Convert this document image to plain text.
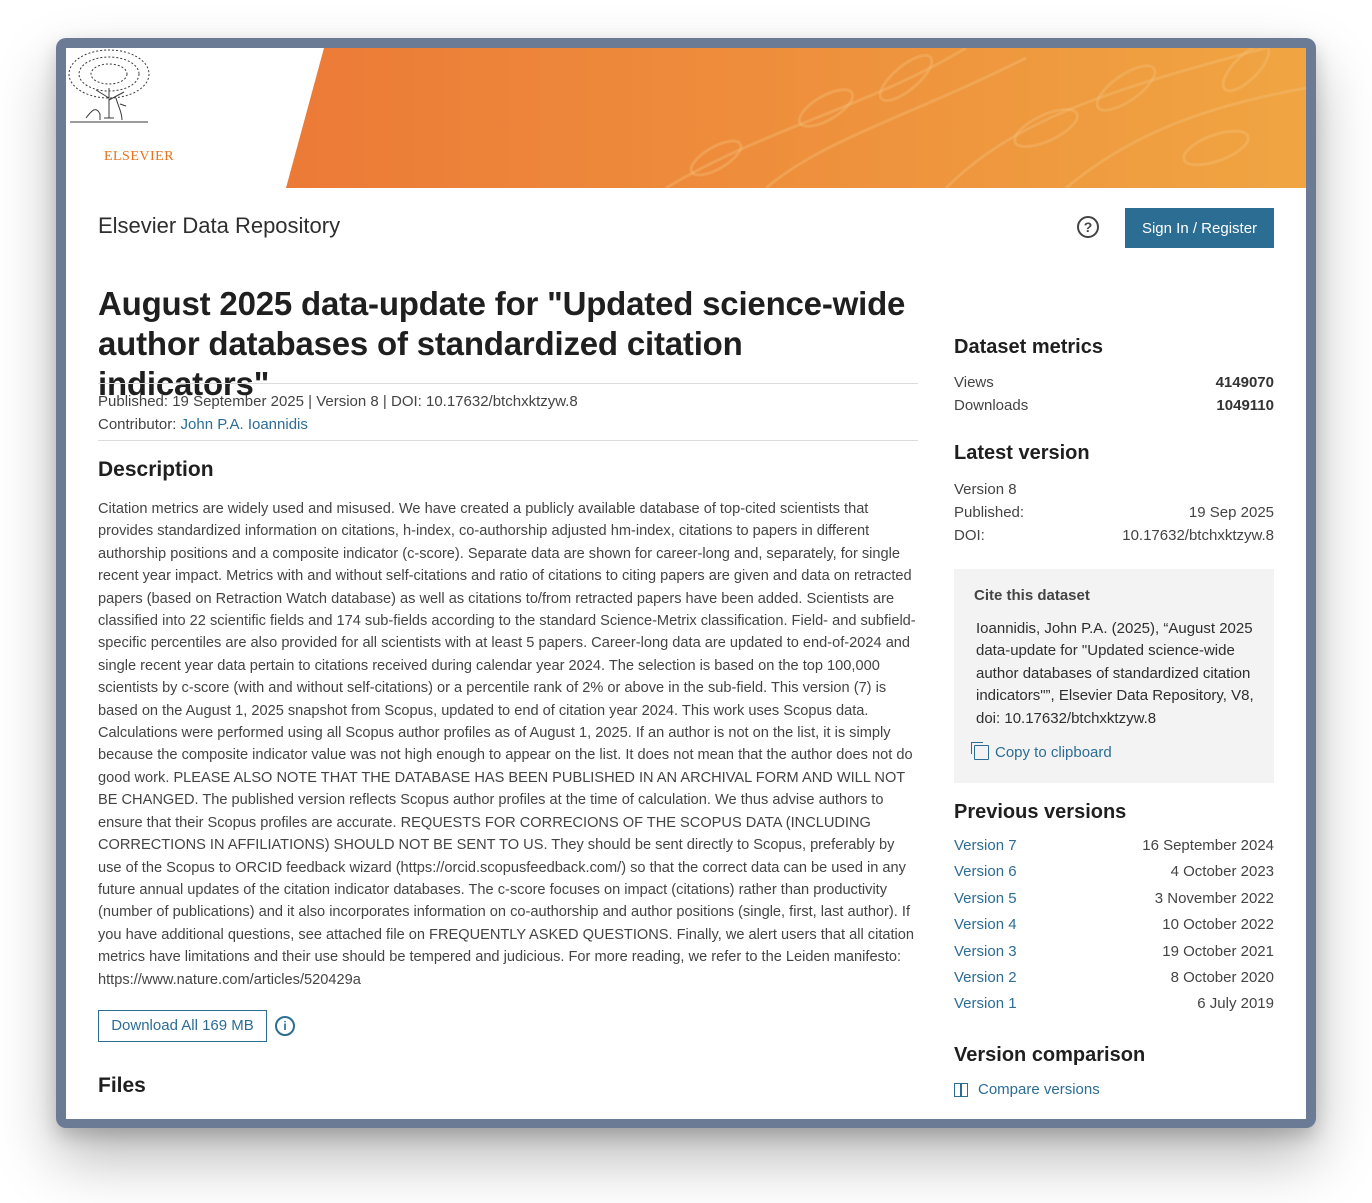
ELSEVIER
Elsevier Data Repository	?	Sign In / Register
August 2025 data-update for "Updated science-wide author databases of standardized citation indicators"
Published: 19 September 2025 | Version 8 | DOI: 10.17632/btchxktzyw.8
Contributor: John P.A. Ioannidis
Description

Citation metrics are widely used and misused. We have created a publicly available database of top-cited scientists that provides standardized information on citations, h-index, co-authorship adjusted hm-index, citations to papers in different authorship positions and a composite indicator (c-score). Separate data are shown for career-long and, separately, for single recent year impact. Metrics with and without self-citations and ratio of citations to citing papers are given and data on retracted papers (based on Retraction Watch database) as well as citations to/from retracted papers have been added. Scientists are classified into 22 scientific fields and 174 sub-fields according to the standard Science-Metrix classification. Field- and subfield-specific percentiles are also provided for all scientists with at least 5 papers. Career-long data are updated to end-of-2024 and single recent year data pertain to citations received during calendar year 2024. The selection is based on the top 100,000 scientists by c-score (with and without self-citations) or a percentile rank of 2% or above in the sub-field. This version (7) is based on the August 1, 2025 snapshot from Scopus, updated to end of citation year 2024. This work uses Scopus data. Calculations were performed using all Scopus author profiles as of August 1, 2025. If an author is not on the list, it is simply because the composite indicator value was not high enough to appear on the list. It does not mean that the author does not do good work. PLEASE ALSO NOTE THAT THE DATABASE HAS BEEN PUBLISHED IN AN ARCHIVAL FORM AND WILL NOT BE CHANGED. The published version reflects Scopus author profiles at the time of calculation. We thus advise authors to ensure that their Scopus profiles are accurate. REQUESTS FOR CORRECIONS OF THE SCOPUS DATA (INCLUDING CORRECTIONS IN AFFILIATIONS) SHOULD NOT BE SENT TO US. They should be sent directly to Scopus, preferably by use of the Scopus to ORCID feedback wizard (https://orcid.scopusfeedback.com/) so that the correct data can be used in any future annual updates of the citation indicator databases. The c-score focuses on impact (citations) rather than productivity (number of publications) and it also incorporates information on co-authorship and author positions (single, first, last author). If you have additional questions, see attached file on FREQUENTLY ASKED QUESTIONS. Finally, we alert users that all citation metrics have limitations and their use should be tempered and judicious. For more reading, we refer to the Leiden manifesto: https://www.nature.com/articles/520429a

Download All 169 MB	i
Files
Dataset metrics
Views	4149070
Downloads	1049110
Latest version
Version 8
Published:	19 Sep 2025
DOI:	10.17632/btchxktzyw.8
Cite this dataset
Ioannidis, John P.A. (2025), “August 2025 data-update for "Updated science-wide author databases of standardized citation indicators"”, Elsevier Data Repository, V8, doi: 10.17632/btchxktzyw.8
Copy to clipboard
Previous versions
Version 7	16 September 2024
Version 6	4 October 2023
Version 5	3 November 2022
Version 4	10 October 2022
Version 3	19 October 2021
Version 2	8 October 2020
Version 1	6 July 2019
Version comparison
Compare versions
